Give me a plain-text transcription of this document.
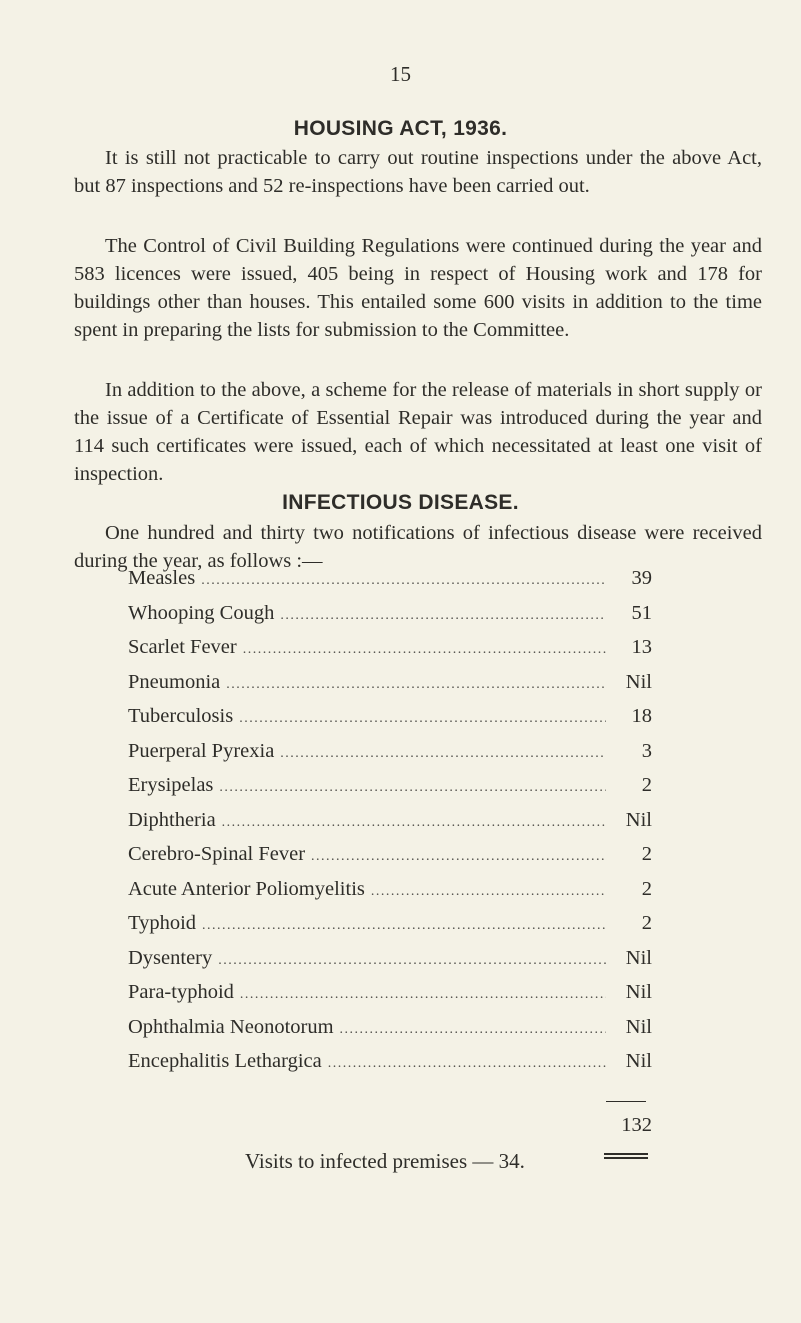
15
HOUSING ACT, 1936.

It is still not practicable to carry out routine inspections under the above Act, but 87 inspections and 52 re-inspections have been carried out.

The Control of Civil Building Regulations were continued during the year and 583 licences were issued, 405 being in respect of Housing work and 178 for buildings other than houses. This entailed some 600 visits in addition to the time spent in preparing the lists for submission to the Committee.

In addition to the above, a scheme for the release of materials in short supply or the issue of a Certificate of Essential Repair was introduced during the year and 114 such certificates were issued, each of which necessitated at least one visit of inspection.

INFECTIOUS DISEASE.

One hundred and thirty two notifications of infectious disease were received during the year, as follows :—

Measles .....	39
Whooping Cough .....	51
Scarlet Fever .....	13
Pneumonia .....	Nil
Tuberculosis .....	18
Puerperal Pyrexia .....	3
Erysipelas .....	2
Diphtheria .....	Nil
Cerebro-Spinal Fever .....	2
Acute Anterior Poliomyelitis .....	2
Typhoid .....	2
Dysentery .....	Nil
Para-typhoid .....	Nil
Ophthalmia Neonotorum .....	Nil
Encephalitis Lethargica .....	Nil
132
Visits to infected premises — 34.
